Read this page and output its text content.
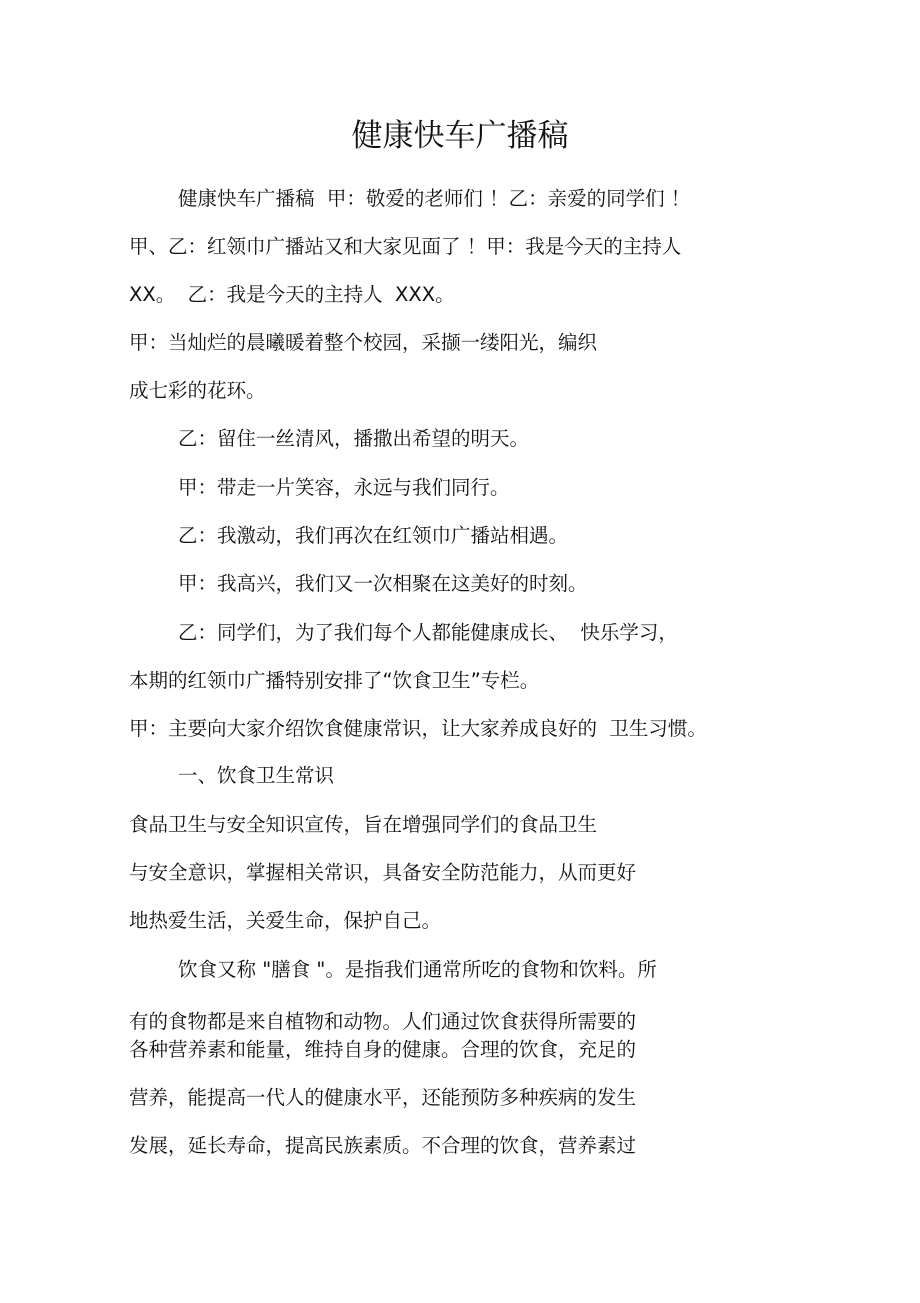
健康快车广播稿
健康快车广播稿  甲：敬爱的老师们 ！乙：亲爱的同学们 ！
甲、乙：红领巾广播站又和大家见面了 ！甲：我是今天的主持人
XX。  乙：我是今天的主持人  XXX。
甲：当灿烂的晨曦暖着整个校园，采撷一缕阳光，编织
成七彩的花环。
乙：留住一丝清风，播撒出希望的明天。
甲：带走一片笑容，永远与我们同行。
乙：我激动，我们再次在红领巾广播站相遇。
甲：我高兴，我们又一次相聚在这美好的时刻。
乙：同学们，为了我们每个人都能健康成长、  快乐学习，
本期的红领巾广播特别安排了“饮食卫生”专栏。
甲：主要向大家介绍饮食健康常识，让大家养成良好的  卫生习惯。
一、饮食卫生常识
食品卫生与安全知识宣传，旨在增强同学们的食品卫生
与安全意识，掌握相关常识，具备安全防范能力，从而更好
地热爱生活，关爱生命，保护自己。
饮食又称 "膳食 "。是指我们通常所吃的食物和饮料。所
有的食物都是来自植物和动物。人们通过饮食获得所需要的
各种营养素和能量，维持自身的健康。合理的饮食，充足的
营养，能提高一代人的健康水平，还能预防多种疾病的发生
发展，延长寿命，提高民族素质。不合理的饮食，营养素过
